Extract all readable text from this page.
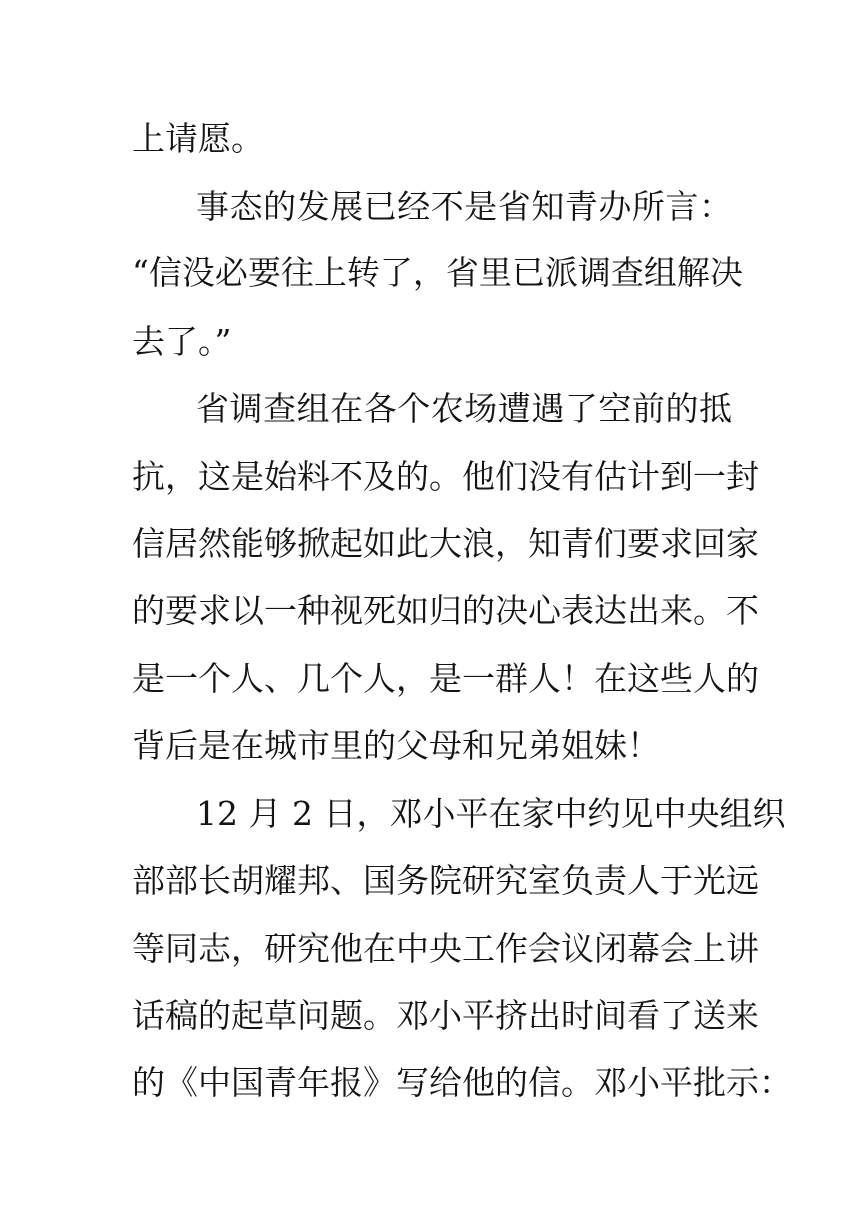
上请愿。
事态的发展已经不是省知青办所言：
“信没必要往上转了，省里已派调查组解决
去了。”
省调查组在各个农场遭遇了空前的抵
抗，这是始料不及的。他们没有估计到一封
信居然能够掀起如此大浪，知青们要求回家
的要求以一种视死如归的决心表达出来。不
是一个人、几个人，是一群人！在这些人的
背后是在城市里的父母和兄弟姐妹！
12 月 2 日，邓小平在家中约见中央组织
部部长胡耀邦、国务院研究室负责人于光远
等同志，研究他在中央工作会议闭幕会上讲
话稿的起草问题。邓小平挤出时间看了送来
的《中国青年报》写给他的信。邓小平批示：
